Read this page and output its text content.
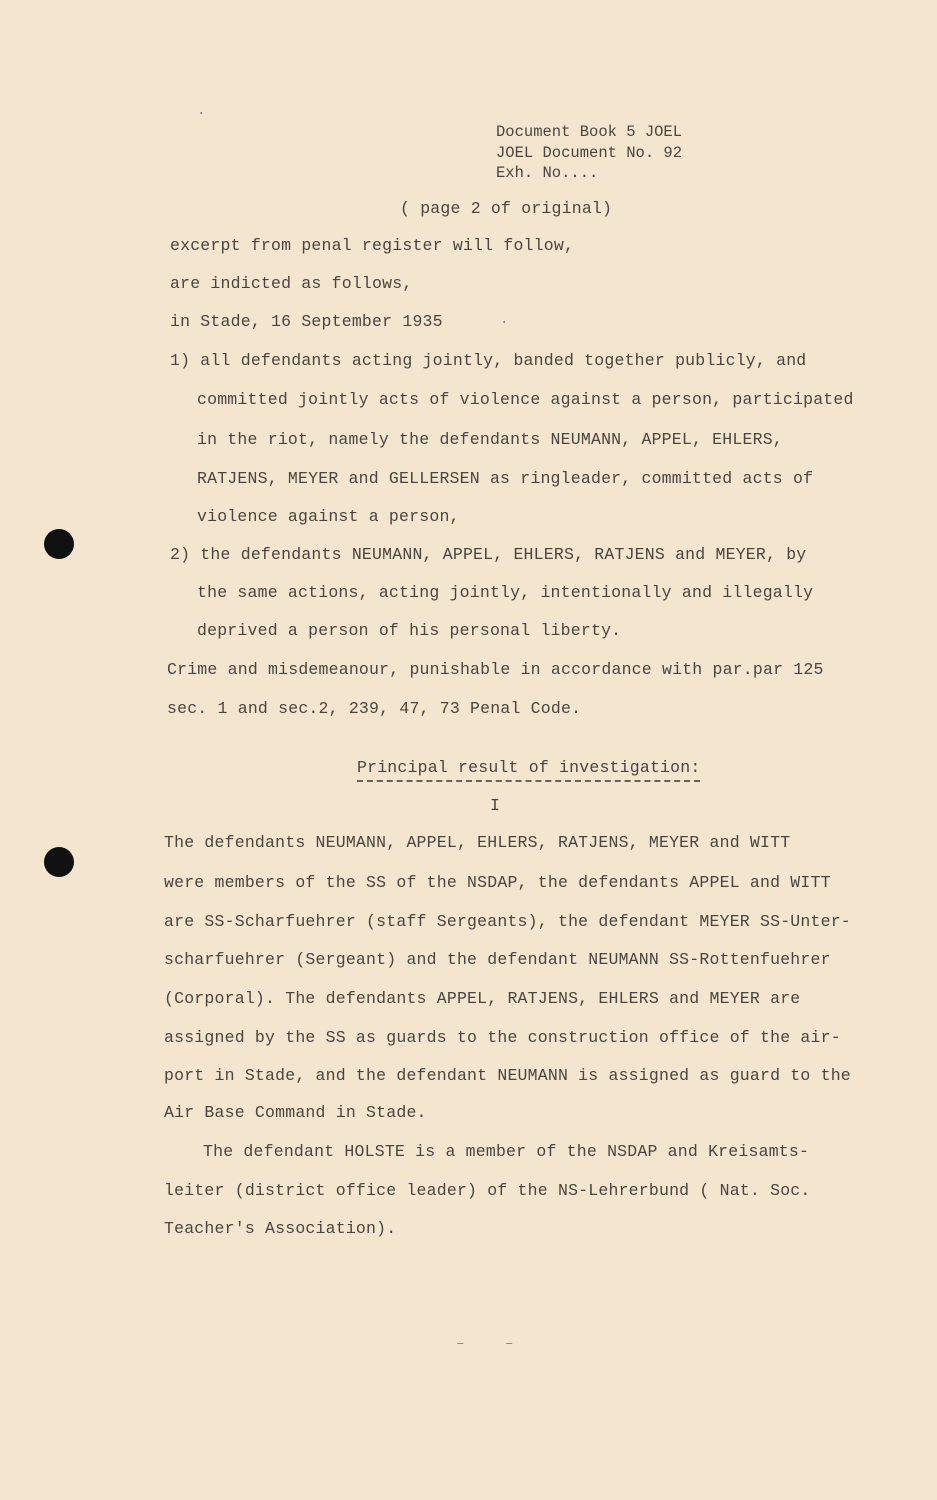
·
·
–	–
Document Book 5 JOEL
JOEL Document No. 92
Exh. No....
( page 2 of original)
excerpt from penal register will follow,
are indicted as follows,
in Stade, 16 September 1935
1) all defendants acting jointly, banded together publicly, and
committed jointly acts of violence against a person, participated
in the riot, namely the defendants NEUMANN, APPEL, EHLERS,
RATJENS, MEYER and GELLERSEN as ringleader, committed acts of
violence against a person,
2) the defendants NEUMANN, APPEL, EHLERS, RATJENS and MEYER, by
the same actions, acting jointly, intentionally and illegally
deprived a person of his personal liberty.
Crime and misdemeanour, punishable in accordance with par.par 125
sec. 1 and sec.2, 239, 47, 73 Penal Code.
Principal result of investigation:
I
The defendants NEUMANN, APPEL, EHLERS, RATJENS, MEYER and WITT
were members of the SS of the NSDAP, the defendants APPEL and WITT
are SS-Scharfuehrer (staff Sergeants), the defendant MEYER SS-Unter-
scharfuehrer (Sergeant) and the defendant NEUMANN SS-Rottenfuehrer
(Corporal). The defendants APPEL, RATJENS, EHLERS and MEYER are
assigned by the SS as guards to the construction office of the air-
port in Stade, and the defendant NEUMANN is assigned as guard to the
Air Base Command in Stade.
The defendant HOLSTE is a member of the NSDAP and Kreisamts-
leiter (district office leader) of the NS-Lehrerbund ( Nat. Soc.
Teacher's Association).
